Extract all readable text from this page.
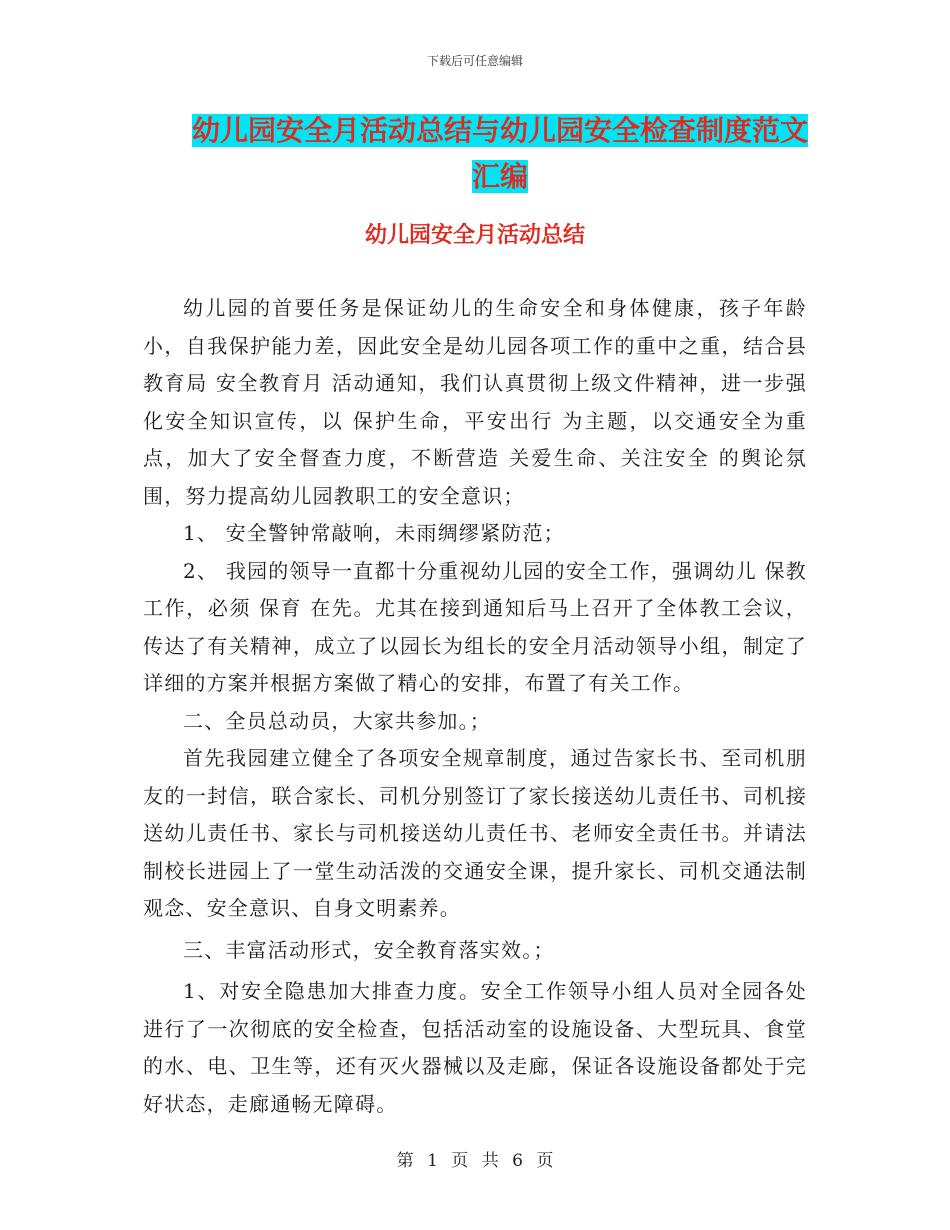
下载后可任意编辑
幼儿园安全月活动总结与幼儿园安全检查制度范文汇编
幼儿园安全月活动总结

幼儿园的首要任务是保证幼儿的生命安全和身体健康，孩子年龄小，自我保护能力差，因此安全是幼儿园各项工作的重中之重，结合县教育局 安全教育月 活动通知，我们认真贯彻上级文件精神，进一步强化安全知识宣传，以 保护生命，平安出行 为主题，以交通安全为重点，加大了安全督查力度，不断营造 关爱生命、关注安全 的舆论氛围，努力提高幼儿园教职工的安全意识；

1、 安全警钟常敲响，未雨绸缪紧防范；

2、 我园的领导一直都十分重视幼儿园的安全工作，强调幼儿 保教 工作，必须 保育 在先。尤其在接到通知后马上召开了全体教工会议，传达了有关精神，成立了以园长为组长的安全月活动领导小组，制定了详细的方案并根据方案做了精心的安排，布置了有关工作。

二、全员总动员，大家共参加。；

首先我园建立健全了各项安全规章制度，通过告家长书、至司机朋友的一封信，联合家长、司机分别签订了家长接送幼儿责任书、司机接送幼儿责任书、家长与司机接送幼儿责任书、老师安全责任书。并请法制校长进园上了一堂生动活泼的交通安全课，提升家长、司机交通法制观念、安全意识、自身文明素养。

三、丰富活动形式，安全教育落实效。；

1、对安全隐患加大排查力度。安全工作领导小组人员对全园各处进行了一次彻底的安全检查，包括活动室的设施设备、大型玩具、食堂的水、电、卫生等，还有灭火器械以及走廊，保证各设施设备都处于完好状态，走廊通畅无障碍。

第 1 页 共 6 页
